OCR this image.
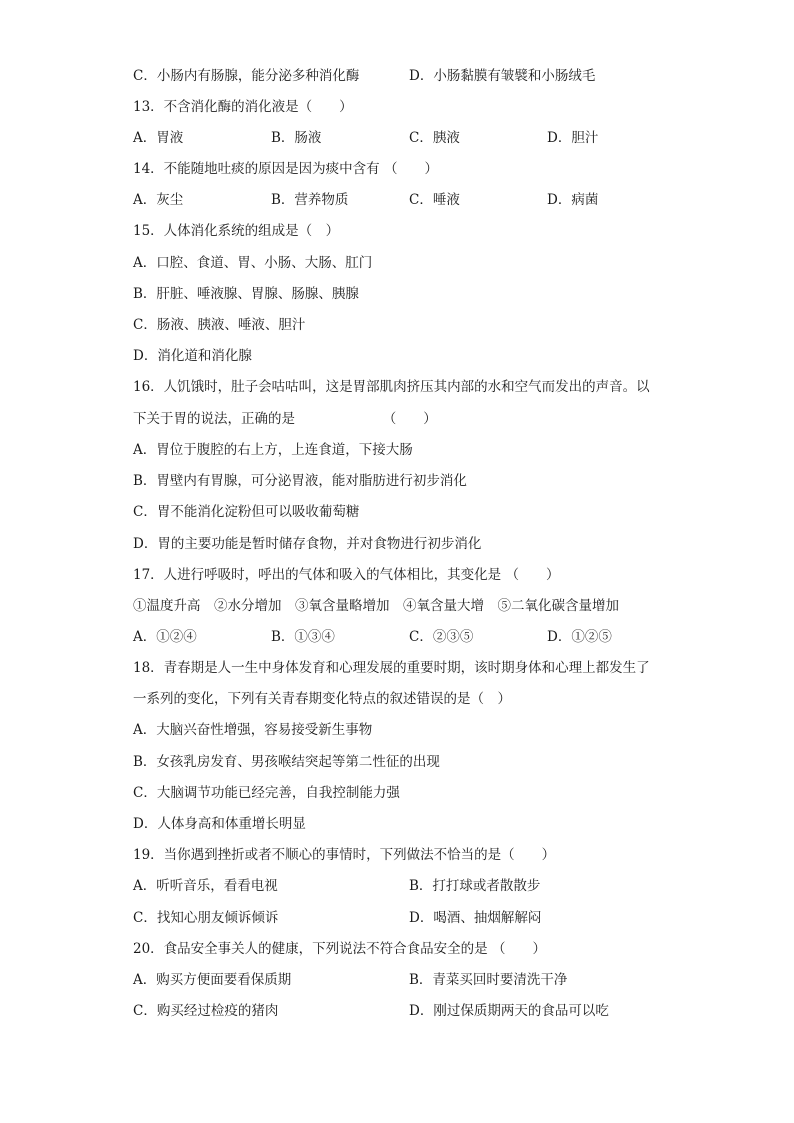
C．小肠内有肠腺，能分泌多种消化酶	D．小肠黏膜有皱襞和小肠绒毛
13．不含消化酶的消化液是（　　）
A．胃液	B．肠液	C．胰液	D．胆汁
14．不能随地吐痰的原因是因为痰中含有 （　　）
A．灰尘	B．营养物质	C．唾液	D．病菌
15．人体消化系统的组成是（　）
A．口腔、食道、胃、小肠、大肠、肛门
B．肝脏、唾液腺、胃腺、肠腺、胰腺
C．肠液、胰液、唾液、胆汁
D．消化道和消化腺
16．人饥饿时，肚子会咕咕叫，这是胃部肌肉挤压其内部的水和空气而发出的声音。以
下关于胃的说法，正确的是　　　　　　　（　　）
A．胃位于腹腔的右上方，上连食道，下接大肠
B．胃壁内有胃腺，可分泌胃液，能对脂肪进行初步消化
C．胃不能消化淀粉但可以吸收葡萄糖
D．胃的主要功能是暂时储存食物，并对食物进行初步消化
17．人进行呼吸时，呼出的气体和吸入的气体相比，其变化是 （　　）
①温度升高　②水分增加　③氧含量略增加　④氧含量大增　⑤二氧化碳含量增加
A．①②④	B．①③④	C．②③⑤	D．①②⑤
18．青春期是人一生中身体发育和心理发展的重要时期，该时期身体和心理上都发生了
一系列的变化，下列有关青春期变化特点的叙述错误的是（　）
A．大脑兴奋性增强，容易接受新生事物
B．女孩乳房发育、男孩喉结突起等第二性征的出现
C．大脑调节功能已经完善，自我控制能力强
D．人体身高和体重增长明显
19．当你遇到挫折或者不顺心的事情时，下列做法不恰当的是（　　）
A．听听音乐，看看电视	B．打打球或者散散步
C．找知心朋友倾诉倾诉	D．喝酒、抽烟解解闷
20．食品安全事关人的健康，下列说法不符合食品安全的是 （　　）
A．购买方便面要看保质期	B．青菜买回时要清洗干净
C．购买经过检疫的猪肉	D．刚过保质期两天的食品可以吃
